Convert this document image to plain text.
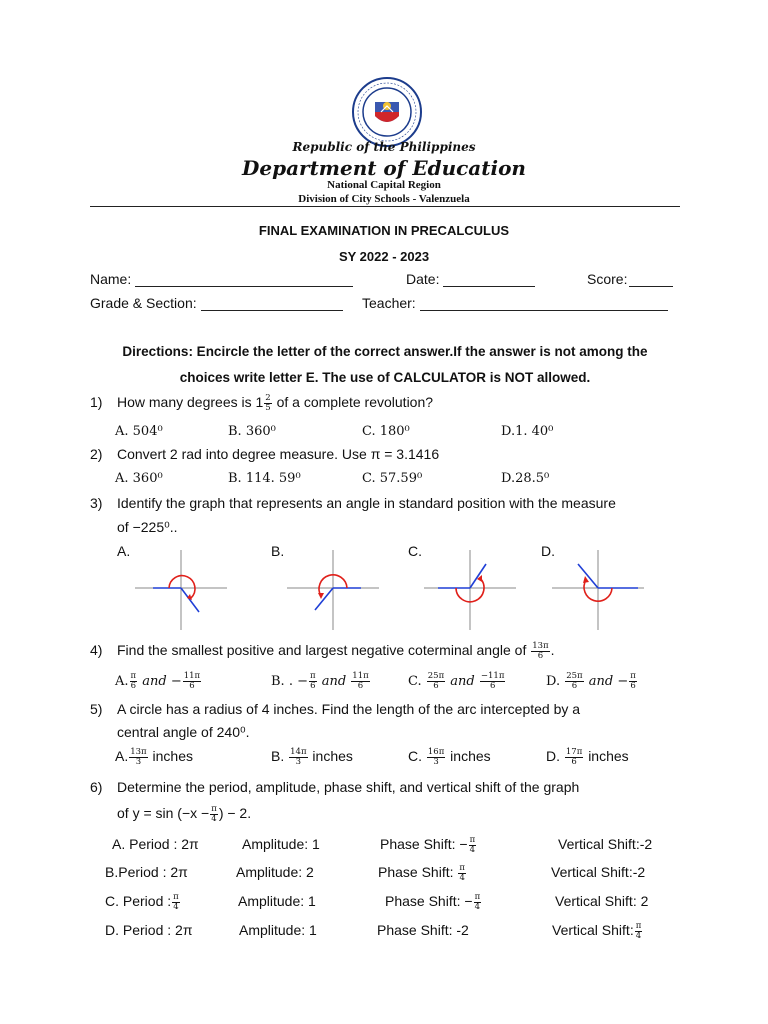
Republic of the Philippines
Department of Education
National Capital Region
Division of City Schools - Valenzuela
FINAL EXAMINATION IN PRECALCULUS
SY 2022 - 2023
Name:	Date:	Score:
Grade & Section:	Teacher:
Directions: Encircle the letter of the correct answer.If the answer is not among the
choices write letter E. The use of CALCULATOR is NOT allowed.
1) How many degrees is $1 \frac{2}{5}$ of a complete revolution?
A. 504⁰	B. 360⁰	C. 180⁰	D.1. 40⁰
2) Convert 2 rad into degree measure. Use π = 3.1416
A. 360⁰	B. 114. 59⁰	C. 57.59⁰	D.28.5⁰
3) Identify the graph that represents an angle in standard position with the measure
of −225⁰..
A.	B.	C.	D.
4) Find the smallest positive and largest negative coterminal angle of $\frac{13\pi}{6}$ .
A. $\frac{\pi}{6}$ and − $\frac{11\pi}{6}$	B. . − $\frac{\pi}{6}$ and $\frac{11\pi}{6}$	C. $\frac{25\pi}{6}$ and $\frac{-11\pi}{6}$	D. $\frac{25\pi}{6}$ and − $\frac{\pi}{6}$
5) A circle has a radius of 4 inches. Find the length of the arc intercepted by a
central angle of 240⁰.
A. $\frac{13\pi}{3}$ inches	B. $\frac{14\pi}{3}$ inches	C. $\frac{16\pi}{3}$ inches	D. $\frac{17\pi}{6}$ inches
6) Determine the period, amplitude, phase shift, and vertical shift of the graph
of $y = \sin (-x - \frac{\pi}{4}$ ) − 2.
A. Period : 2π	Amplitude: 1	Phase Shift: − $\frac{\pi}{4}$	Vertical Shift:-2
B.Period : 2π	Amplitude: 2	Phase Shift: $\frac{\pi}{4}$	Vertical Shift:-2
C. Period : $\frac{\pi}{4}$	Amplitude: 1	Phase Shift: − $\frac{\pi}{4}$	Vertical Shift: 2
D. Period : 2π	Amplitude: 1	Phase Shift: -2	Vertical Shift: $\frac{\pi}{4}$
